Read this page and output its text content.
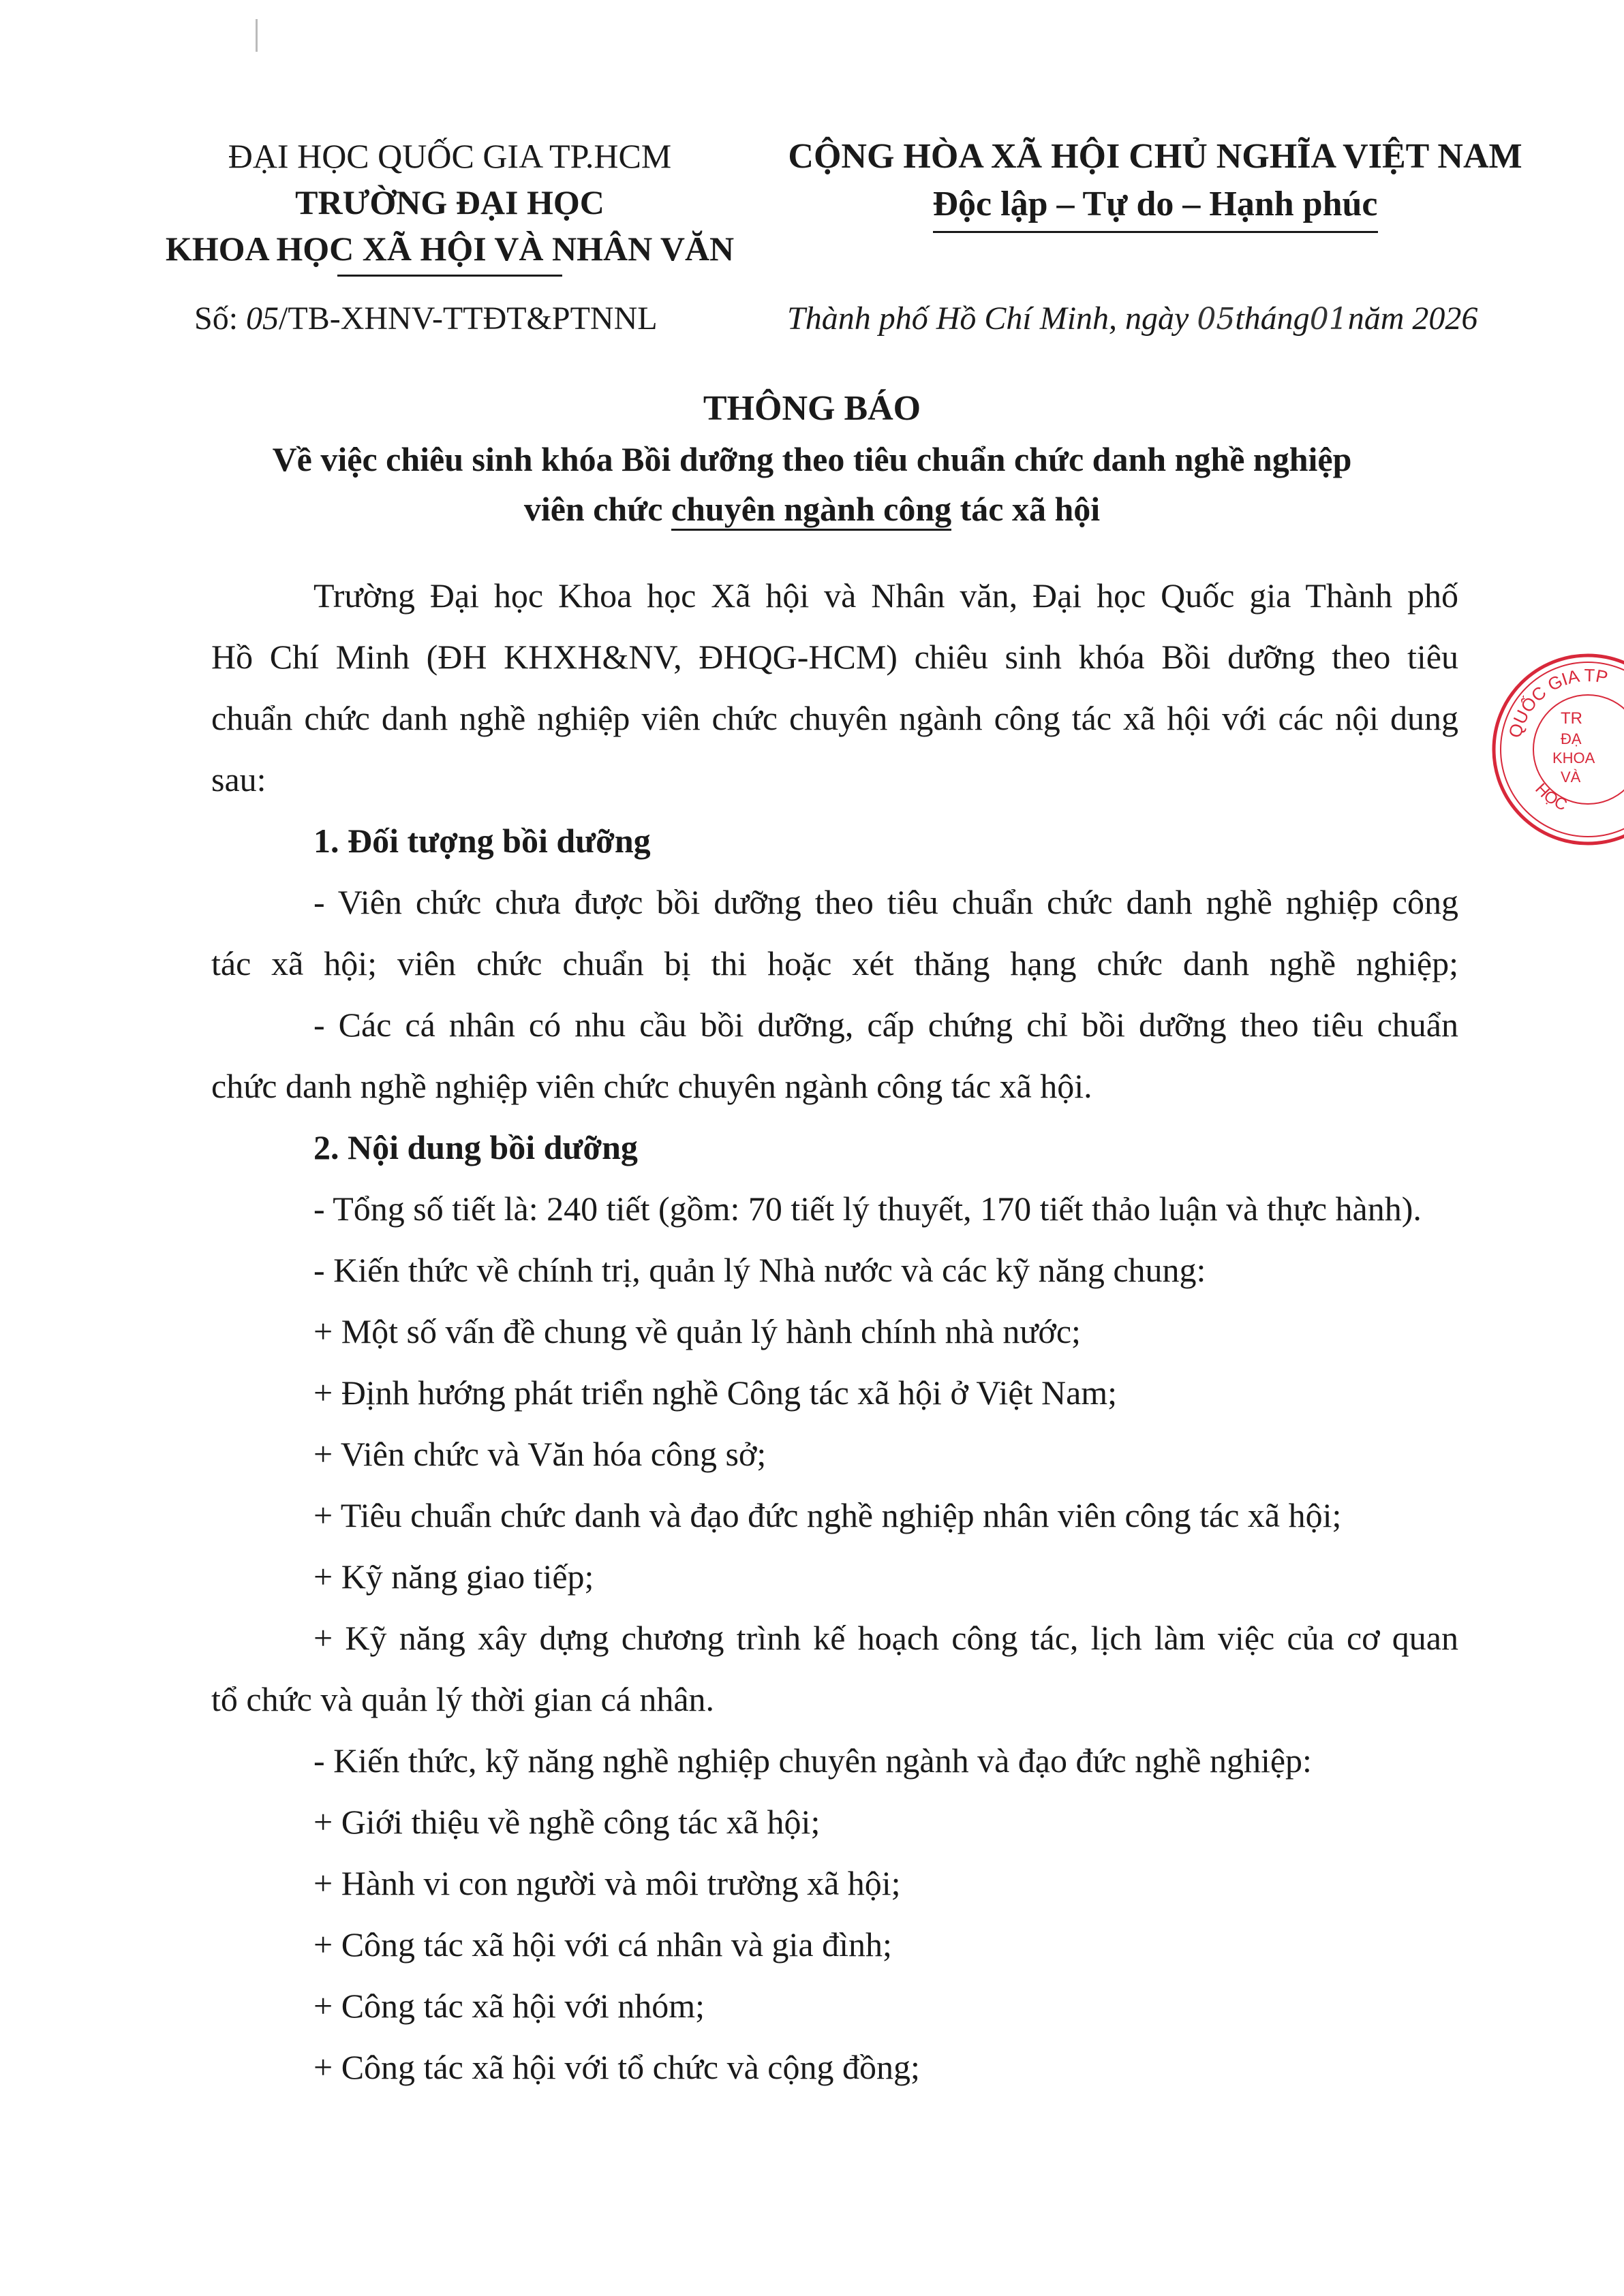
ĐẠI HỌC QUỐC GIA TP.HCM
TRƯỜNG ĐẠI HỌC
KHOA HỌC XÃ HỘI VÀ NHÂN VĂN
CỘNG HÒA XÃ HỘI CHỦ NGHĨA VIỆT NAM
Độc lập – Tự do – Hạnh phúc
Số: 05/TB-XHNV-TTĐT&PTNNL	Thành phố Hồ Chí Minh, ngày 05tháng01năm 2026
THÔNG BÁO
Về việc chiêu sinh khóa Bồi dưỡng theo tiêu chuẩn chức danh nghề nghiệp
viên chức chuyên ngành công tác xã hội
Trường Đại học Khoa học Xã hội và Nhân văn, Đại học Quốc gia Thành phố
Hồ Chí Minh (ĐH KHXH&NV, ĐHQG-HCM) chiêu sinh khóa Bồi dưỡng theo tiêu
chuẩn chức danh nghề nghiệp viên chức chuyên ngành công tác xã hội với các nội dung
sau:
1. Đối tượng bồi dưỡng
- Viên chức chưa được bồi dưỡng theo tiêu chuẩn chức danh nghề nghiệp công
tác xã hội; viên chức chuẩn bị thi hoặc xét thăng hạng chức danh nghề nghiệp;
- Các cá nhân có nhu cầu bồi dưỡng, cấp chứng chỉ bồi dưỡng theo tiêu chuẩn
chức danh nghề nghiệp viên chức chuyên ngành công tác xã hội.
2. Nội dung bồi dưỡng
- Tổng số tiết là: 240 tiết (gồm: 70 tiết lý thuyết, 170 tiết thảo luận và thực hành).
- Kiến thức về chính trị, quản lý Nhà nước và các kỹ năng chung:
+ Một số vấn đề chung về quản lý hành chính nhà nước;
+ Định hướng phát triển nghề Công tác xã hội ở Việt Nam;
+ Viên chức và Văn hóa công sở;
+ Tiêu chuẩn chức danh và đạo đức nghề nghiệp nhân viên công tác xã hội;
+ Kỹ năng giao tiếp;
+ Kỹ năng xây dựng chương trình kế hoạch công tác, lịch làm việc của cơ quan
tổ chức và quản lý thời gian cá nhân.
- Kiến thức, kỹ năng nghề nghiệp chuyên ngành và đạo đức nghề nghiệp:
+ Giới thiệu về nghề công tác xã hội;
+ Hành vi con người và môi trường xã hội;
+ Công tác xã hội với cá nhân và gia đình;
+ Công tác xã hội với nhóm;
+ Công tác xã hội với tổ chức và cộng đồng;
QUỐC GIA TP
HỌC
TR
ĐẠ
KHOA
VÀ
